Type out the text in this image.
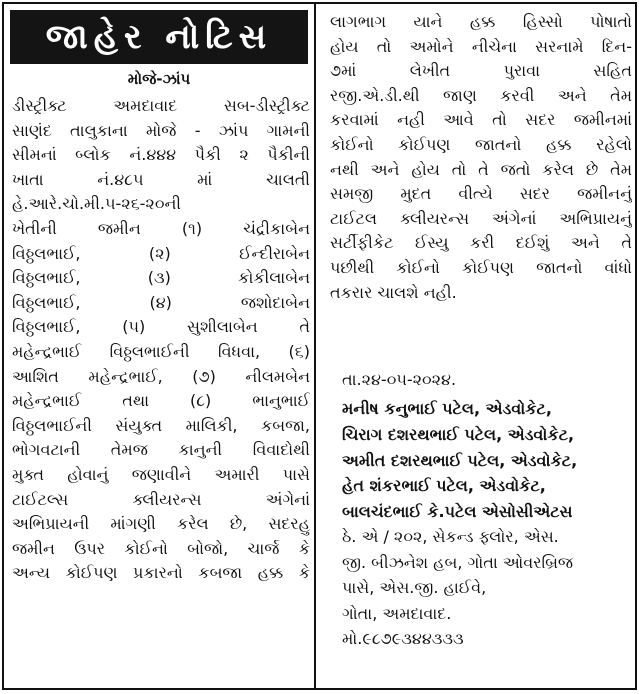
જાહેર નોટિસ
મોજે-ઝાંપ
ડીસ્ટ્રીક્ટ અમદાવાદ સબ-ડીસ્ટ્રીક્ટ
સાણંદ તાલુકાના મોજે - ઝાંપ ગામની
સીમનાં બ્લોક નં.૪૪૪ પૈકી ૨ પૈકીની
ખાતા નં.૪૮૫ માં ચાલતી
હે.આરે.ચો.મી.૫-૨૬-૨૦ની
ખેતીની જમીન (૧) ચંદ્રીકાબેન
વિઠ્ઠલભાઈ, (૨) ઈન્દીરાબેન
વિઠ્ઠલભાઈ, (૩) કોકીલાબેન
વિઠ્ઠલભાઈ, (૪) જશોદાબેન
વિઠ્ઠલભાઈ, (૫) સુશીલાબેન તે
મહેન્દ્રભાઈ વિઠ્ઠલભાઈની વિધવા, (૬)
આશિત મહેન્દ્રભાઈ, (૭) નીલમબેન
મહેન્દ્રભાઈ તથા (૮) ભાનુભાઈ
વિઠ્ઠલભાઈની સંયુક્ત માલિકી, કબજા,
ભોગવટાની તેમજ કાનુની વિવાદોથી
મુક્ત હોવાનું જણાવીને અમારી પાસે
ટાઈટલ્સ ક્લીયરન્સ અંગેનાં
અભિપ્રાયની માંગણી કરેલ છે, સદરહુ
જમીન ઉપર કોઈનો બોજો, ચાર્જ કે
અન્ય કોઈપણ પ્રકારનો કબજા હક્ક કે
લાગભાગ યાને હક્ક હિસ્સો પોષાતો
હોય તો અમોને નીચેના સરનામે દિન-
૭માં લેખીત પુરાવા સહિત
રજી.એ.ડી.થી જાણ કરવી અને તેમ
કરવામાં નહી આવે તો સદર જમીનમાં
કોઈનો કોઈપણ જાતનો હક્ક રહેલો
નથી અને હોય તો તે જતો કરેલ છે તેમ
સમજી મુદત વીત્યે સદર જમીનનું
ટાઈટલ ક્લીયરન્સ અંગેનાં અભિપ્રાયનું
સર્ટીફીકેટ ઈસ્યુ કરી દઈશું અને તે
પછીથી કોઈનો કોઈપણ જાતનો વાંધો
તકરાર ચાલશે નહી.
તા.૨૪-૦૫-૨૦૨૪.
મનીષ કનુભાઈ પટેલ, એડવોકેટ,
ચિરાગ દશરથભાઈ પટેલ, એડવોકેટ,
અમીત દશરથભાઈ પટેલ, એડવોકેટ,
હેત શંકરભાઈ પટેલ, એડવોકેટ,
બાલચંદભાઈ કે.પટેલ એસોસીએટસ
ઠે. એ / ૨૦૨, સેકન્ડ ફ્લોર, એસ.
જી. બીઝનેશ હબ, ગોતા ઓવરબ્રિજ
પાસે, એસ.જી. હાઈવે,
ગોતા, અમદાવાદ.
મો.૯૮૭૯૩૪૪૩૩૩
